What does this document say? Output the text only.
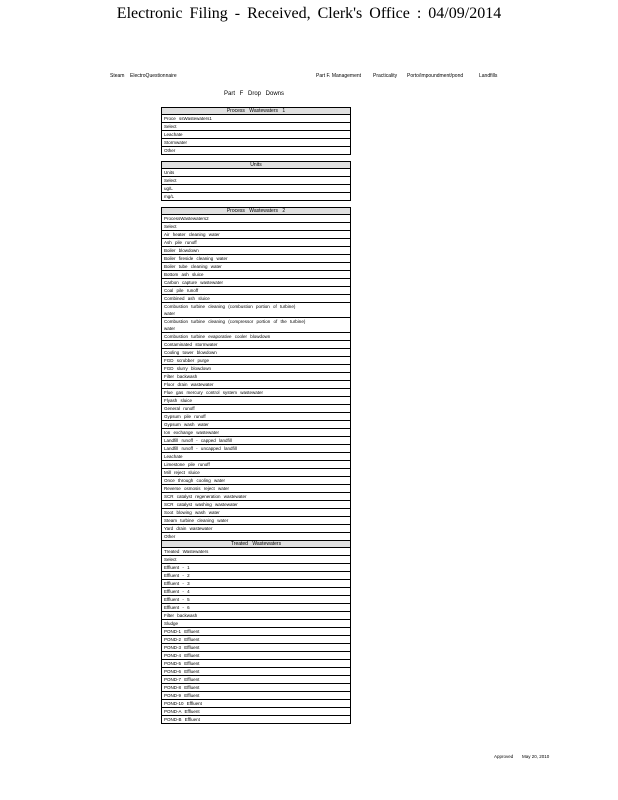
Electronic Filing - Received, Clerk's Office : 04/09/2014
Steam ElectroQuestionnaire	Part F. Management Practicality Porto/impoundment/pond	Landfills
Part F Drop Downs
Process Wastewaters 1
Proce ssWastewaters1
Select
Leachate
Stormwater
Other
Units
Units
Select
ug/L
mg/L
Process Wastewaters 2
ProcessWastewaters2
Select
Air heater cleaning water
Ash pile runoff
Boiler blowdown
Boiler fireside cleaning water
Boiler tube cleaning water
Bottom ash sluice
Carbon capture wastewater
Coal pile runoff
Combined ash sluice
Combustion turbine cleaning (combustion portion of turbine)
water
Combustion turbine cleaning (compressor portion of the turbine)
water
Combustion turbine evaporative cooler blowdown
Contaminated stormwater
Cooling tower blowdown
FGD scrubber purge
FGD slurry blowdown
Filter backwash
Floor drain wastewater
Flue gas mercury control system wastewater
Flyash sluice
General runoff
Gypsum pile runoff
Gypsum wash water
Ion exchange wastewater
Landfill runoff - capped landfill
Landfill runoff - uncapped landfill
Leachate
Limestone pile runoff
Mill reject sluice
Once through cooling water
Reverse osmosis reject water
SCR catalyst regeneration wastewater
SCR catalyst washing wastewater
Soot blowing wash water
Steam turbine cleaning water
Yard drain wastewater
Other
Treated Wastewaters
Treated Wastewaters
Select
Effluent - 1
Effluent - 2
Effluent - 3
Effluent - 4
Effluent - 5
Effluent - 6
Filter backwash
Sludge
POND-1 Effluent
POND-2 Effluent
POND-3 Effluent
POND-4 Effluent
POND-5 Effluent
POND-6 Effluent
POND-7 Effluent
POND-8 Effluent
POND-9 Effluent
POND-10 Effluent
POND-A Effluent
POND-B Effluent
Approved May 20, 2010
